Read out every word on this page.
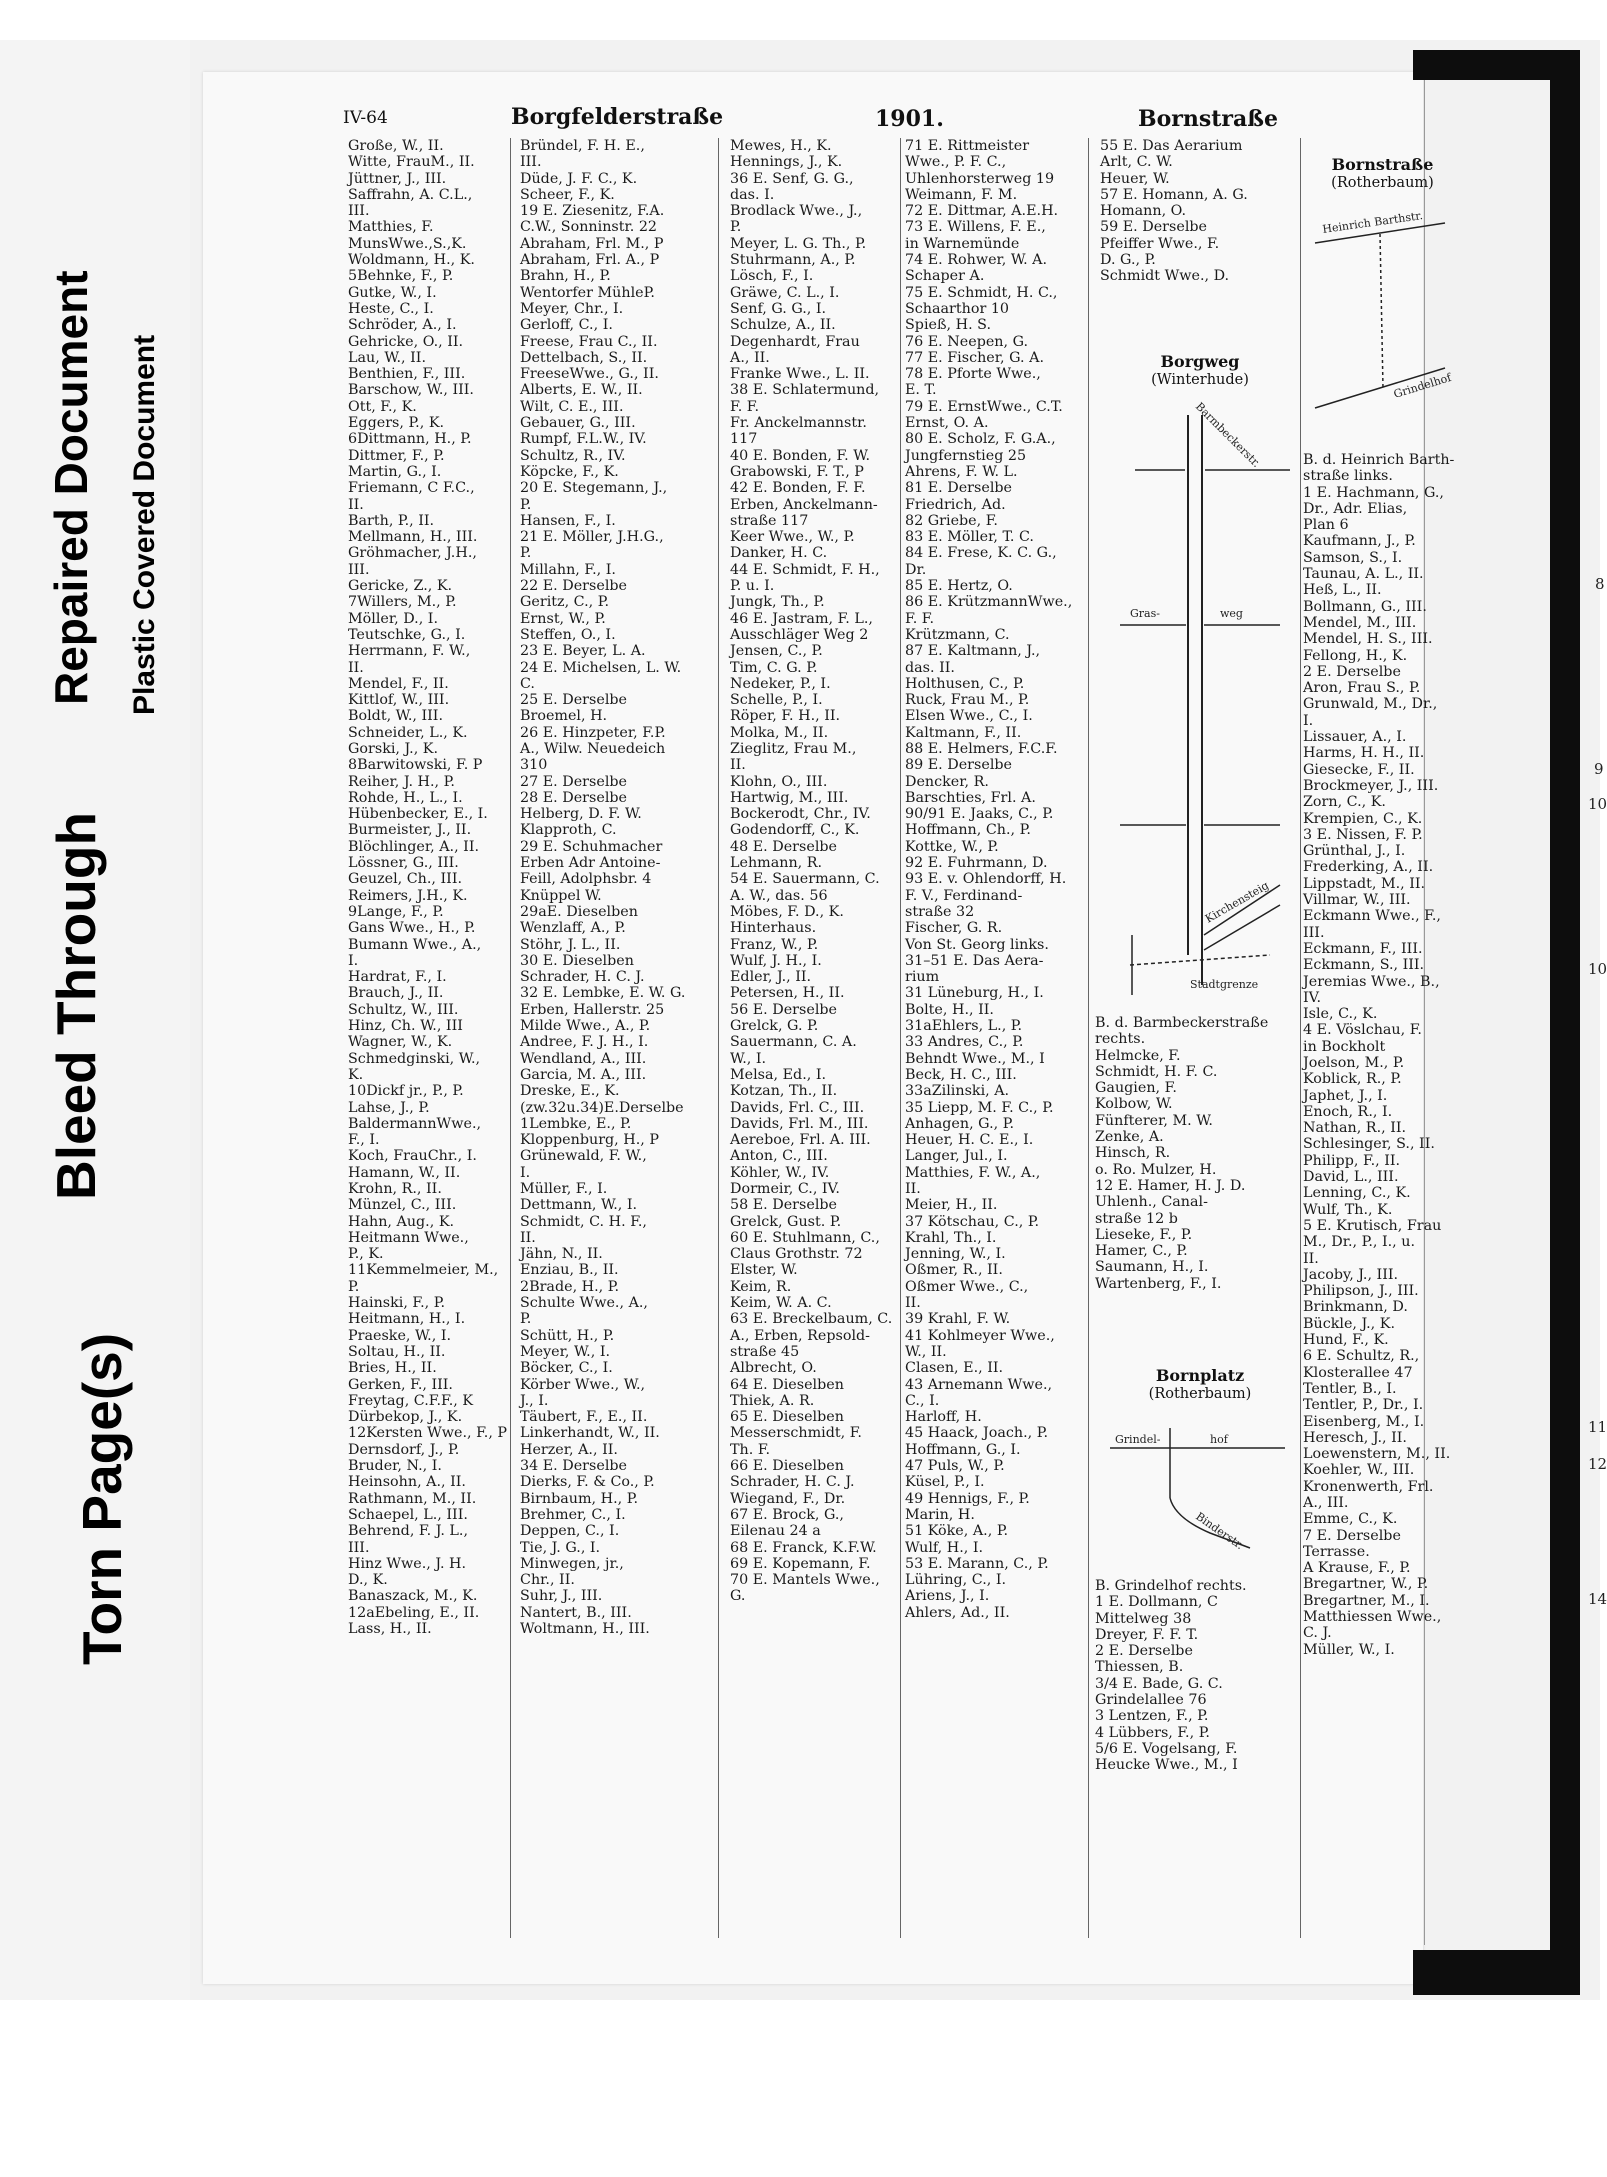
Bleed Through
Repaired Document Plastic Covered Document
Torn Page(s)
8
9
10
10
11
12
14
IV-64	Borgfelderstraße	1901.	Bornstraße
Große, W., II.
Witte, FrauM., II.
Jüttner, J., III.
Saffrahn, A. C.L.,
III.
Matthies, F.
MunsWwe.,S.,K.
Woldmann, H., K.
5Behnke, F., P.
Gutke, W., I.
Heste, C., I.
Schröder, A., I.
Gehricke, O., II.
Lau, W., II.
Benthien, F., III.
Barschow, W., III.
Ott, F., K.
Eggers, P., K.
6Dittmann, H., P.
Dittmer, F., P.
Martin, G., I.
Friemann, C F.C.,
II.
Barth, P., II.
Mellmann, H., III.
Gröhmacher, J.H.,
III.
Gericke, Z., K.
7Willers, M., P.
Möller, D., I.
Teutschke, G., I.
Herrmann, F. W.,
II.
Mendel, F., II.
Kittlof, W., III.
Boldt, W., III.
Schneider, L., K.
Gorski, J., K.
8Barwitowski, F. P
Reiher, J. H., P.
Rohde, H., L., I.
Hübenbecker, E., I.
Burmeister, J., II.
Blöchlinger, A., II.
Lössner, G., III.
Geuzel, Ch., III.
Reimers, J.H., K.
9Lange, F., P.
Gans Wwe., H., P.
Bumann Wwe., A.,
I.
Hardrat, F., I.
Brauch, J., II.
Schultz, W., III.
Hinz, Ch. W., III
Wagner, W., K.
Schmedginski, W.,
K.
10Dickf jr., P., P.
Lahse, J., P.
BaldermannWwe.,
F., I.
Koch, FrauChr., I.
Hamann, W., II.
Krohn, R., II.
Münzel, C., III.
Hahn, Aug., K.
Heitmann Wwe.,
P., K.
11Kemmelmeier, M.,
P.
Hainski, F., P.
Heitmann, H., I.
Praeske, W., I.
Soltau, H., II.
Bries, H., II.
Gerken, F., III.
Freytag, C.F.F., K
Dürbekop, J., K.
12Kersten Wwe., F., P
Dernsdorf, J., P.
Bruder, N., I.
Heinsohn, A., II.
Rathmann, M., II.
Schaepel, L., III.
Behrend, F. J. L.,
III.
Hinz Wwe., J. H.
D., K.
Banaszack, M., K.
12aEbeling, E., II.
Lass, H., II.
Bründel, F. H. E.,
III.
Düde, J. F. C., K.
Scheer, F., K.
19 E. Ziesenitz, F.A.
C.W., Sonninstr. 22
Abraham, Frl. M., P
Abraham, Frl. A., P
Brahn, H., P.
Wentorfer MühleP.
Meyer, Chr., I.
Gerloff, C., I.
Freese, Frau C., II.
Dettelbach, S., II.
FreeseWwe., G., II.
Alberts, E. W., II.
Wilt, C. E., III.
Gebauer, G., III.
Rumpf, F.L.W., IV.
Schultz, R., IV.
Köpcke, F., K.
20 E. Stegemann, J.,
P.
Hansen, F., I.
21 E. Möller, J.H.G.,
P.
Millahn, F., I.
22 E. Derselbe
Geritz, C., P.
Ernst, W., P.
Steffen, O., I.
23 E. Beyer, L. A.
24 E. Michelsen, L. W.
C.
25 E. Derselbe
Broemel, H.
26 E. Hinzpeter, F.P.
A., Wilw. Neuedeich
310
27 E. Derselbe
28 E. Derselbe
Helberg, D. F. W.
Klapproth, C.
29 E. Schuhmacher
Erben Adr Antoine-
Feill, Adolphsbr. 4
Knüppel W.
29aE. Dieselben
Wenzlaff, A., P.
Stöhr, J. L., II.
30 E. Dieselben
Schrader, H. C. J.
32 E. Lembke, E. W. G.
Erben, Hallerstr. 25
Milde Wwe., A., P.
Andree, F. J. H., I.
Wendland, A., III.
Garcia, M. A., III.
Dreske, E., K.
(zw.32u.34)E.Derselbe
1Lembke, E., P.
Kloppenburg, H., P
Grünewald, F. W.,
I.
Müller, F., I.
Dettmann, W., I.
Schmidt, C. H. F.,
II.
Jähn, N., II.
Enziau, B., II.
2Brade, H., P.
Schulte Wwe., A.,
P.
Schütt, H., P.
Meyer, W., I.
Böcker, C., I.
Körber Wwe., W.,
J., I.
Täubert, F., E., II.
Linkerhandt, W., II.
Herzer, A., II.
34 E. Derselbe
Dierks, F. & Co., P.
Birnbaum, H., P.
Brehmer, C., I.
Deppen, C., I.
Tie, J. G., I.
Minwegen, jr.,
Chr., II.
Suhr, J., III.
Nantert, B., III.
Woltmann, H., III.
Mewes, H., K.
Hennings, J., K.
36 E. Senf, G. G.,
das. I.
Brodlack Wwe., J.,
P.
Meyer, L. G. Th., P.
Stuhrmann, A., P.
Lösch, F., I.
Gräwe, C. L., I.
Senf, G. G., I.
Schulze, A., II.
Degenhardt, Frau
A., II.
Franke Wwe., L. II.
38 E. Schlatermund,
F. F.
Fr. Anckelmannstr.
117
40 E. Bonden, F. W.
Grabowski, F. T., P
42 E. Bonden, F. F.
Erben, Anckelmann-
straße 117
Keer Wwe., W., P.
Danker, H. C.
44 E. Schmidt, F. H.,
P. u. I.
Jungk, Th., P.
46 E. Jastram, F. L.,
Ausschläger Weg 2
Jensen, C., P.
Tim, C. G. P.
Nedeker, P., I.
Schelle, P., I.
Röper, F. H., II.
Molka, M., II.
Zieglitz, Frau M.,
II.
Klohn, O., III.
Hartwig, M., III.
Bockerodt, Chr., IV.
Godendorff, C., K.
48 E. Derselbe
Lehmann, R.
54 E. Sauermann, C.
A. W., das. 56
Möbes, F. D., K.
Hinterhaus.
Franz, W., P.
Wulf, J. H., I.
Edler, J., II.
Petersen, H., II.
56 E. Derselbe
Grelck, G. P.
Sauermann, C. A.
W., I.
Melsa, Ed., I.
Kotzan, Th., II.
Davids, Frl. C., III.
Davids, Frl. M., III.
Aereboe, Frl. A. III.
Anton, C., III.
Köhler, W., IV.
Dormeir, C., IV.
58 E. Derselbe
Grelck, Gust. P.
60 E. Stuhlmann, C.,
Claus Grothstr. 72
Elster, W.
Keim, R.
Keim, W. A. C.
63 E. Breckelbaum, C.
A., Erben, Repsold-
straße 45
Albrecht, O.
64 E. Dieselben
Thiek, A. R.
65 E. Dieselben
Messerschmidt, F.
Th. F.
66 E. Dieselben
Schrader, H. C. J.
Wiegand, F., Dr.
67 E. Brock, G.,
Eilenau 24 a
68 E. Franck, K.F.W.
69 E. Kopemann, F.
70 E. Mantels Wwe.,
G.
71 E. Rittmeister
Wwe., P. F. C.,
Uhlenhorsterweg 19
Weimann, F. M.
72 E. Dittmar, A.E.H.
73 E. Willens, F. E.,
in Warnemünde
74 E. Rohwer, W. A.
Schaper A.
75 E. Schmidt, H. C.,
Schaarthor 10
Spieß, H. S.
76 E. Neepen, G.
77 E. Fischer, G. A.
78 E. Pforte Wwe.,
E. T.
79 E. ErnstWwe., C.T.
Ernst, O. A.
80 E. Scholz, F. G.A.,
Jungfernstieg 25
Ahrens, F. W. L.
81 E. Derselbe
Friedrich, Ad.
82 Griebe, F.
83 E. Möller, T. C.
84 E. Frese, K. C. G.,
Dr.
85 E. Hertz, O.
86 E. KrützmannWwe.,
F. F.
Krützmann, C.
87 E. Kaltmann, J.,
das. II.
Holthusen, C., P.
Ruck, Frau M., P.
Elsen Wwe., C., I.
Kaltmann, F., II.
88 E. Helmers, F.C.F.
89 E. Derselbe
Dencker, R.
Barschties, Frl. A.
90/91 E. Jaaks, C., P.
Hoffmann, Ch., P.
Kottke, W., P.
92 E. Fuhrmann, D.
93 E. v. Ohlendorff, H.
F. V., Ferdinand-
straße 32
Fischer, G. R.
Von St. Georg links.
31–51 E. Das Aera-
rium
31 Lüneburg, H., I.
Bolte, H., II.
31aEhlers, L., P.
33 Andres, C., P.
Behndt Wwe., M., I
Beck, H. C., III.
33aZilinski, A.
35 Liepp, M. F. C., P.
Anhagen, G., P.
Heuer, H. C. E., I.
Langer, Jul., I.
Matthies, F. W., A.,
II.
Meier, H., II.
37 Kötschau, C., P.
Krahl, Th., I.
Jenning, W., I.
Oßmer, R., II.
Oßmer Wwe., C.,
II.
39 Krahl, F. W.
41 Kohlmeyer Wwe.,
W., II.
Clasen, E., II.
43 Arnemann Wwe.,
C., I.
Harloff, H.
45 Haack, Joach., P.
Hoffmann, G., I.
47 Puls, W., P.
Küsel, P., I.
49 Hennigs, F., P.
Marin, H.
51 Köke, A., P.
Wulf, H., I.
53 E. Marann, C., P.
Lühring, C., I.
Ariens, J., I.
Ahlers, Ad., II.
55 E. Das Aerarium
Arlt, C. W.
Heuer, W.
57 E. Homann, A. G.
Homann, O.
59 E. Derselbe
Pfeiffer Wwe., F.
D. G., P.
Schmidt Wwe., D.
Borgweg
(Winterhude)
Barmbeckerstr.
Gras-	weg
Kirchensteig
Stadtgrenze
B. d. Barmbeckerstraße
rechts.
Helmcke, F.
Schmidt, H. F. C.
Gaugien, F.
Kolbow, W.
Fünfterer, M. W.
Zenke, A.
Hinsch, R.
o. Ro. Mulzer, H.
12 E. Hamer, H. J. D.
Uhlenh., Canal-
straße 12 b
Lieseke, F., P.
Hamer, C., P.
Saumann, H., I.
Wartenberg, F., I.
Bornplatz
(Rotherbaum)
Grindel-	hof
Binderstr.
B. Grindelhof rechts.
1 E. Dollmann, C
Mittelweg 38
Dreyer, F. F. T.
2 E. Derselbe
Thiessen, B.
3/4 E. Bade, G. C.
Grindelallee 76
3 Lentzen, F., P.
4 Lübbers, F., P.
5/6 E. Vogelsang, F.
Heucke Wwe., M., I
Bornstraße
(Rotherbaum)
Heinrich Barthstr.
Grindelhof
B. d. Heinrich Barth-
straße links.
1 E. Hachmann, G.,
Dr., Adr. Elias,
Plan 6
Kaufmann, J., P.
Samson, S., I.
Taunau, A. L., II.
Heß, L., II.
Bollmann, G., III.
Mendel, M., III.
Mendel, H. S., III.
Fellong, H., K.
2 E. Derselbe
Aron, Frau S., P.
Grunwald, M., Dr.,
I.
Lissauer, A., I.
Harms, H. H., II.
Giesecke, F., II.
Brockmeyer, J., III.
Zorn, C., K.
Krempien, C., K.
3 E. Nissen, F. P.
Grünthal, J., I.
Frederking, A., II.
Lippstadt, M., II.
Villmar, W., III.
Eckmann Wwe., F.,
III.
Eckmann, F., III.
Eckmann, S., III.
Jeremias Wwe., B.,
IV.
Isle, C., K.
4 E. Vöslchau, F.
in Bockholt
Joelson, M., P.
Koblick, R., P.
Japhet, J., I.
Enoch, R., I.
Nathan, R., II.
Schlesinger, S., II.
Philipp, F., II.
David, L., III.
Lenning, C., K.
Wulf, Th., K.
5 E. Krutisch, Frau
M., Dr., P., I., u.
II.
Jacoby, J., III.
Philipson, J., III.
Brinkmann, D.
Bückle, J., K.
Hund, F., K.
6 E. Schultz, R.,
Klosterallee 47
Tentler, B., I.
Tentler, P., Dr., I.
Eisenberg, M., I.
Heresch, J., II.
Loewenstern, M., II.
Koehler, W., III.
Kronenwerth, Frl.
A., III.
Emme, C., K.
7 E. Derselbe
Terrasse.
A Krause, F., P.
Bregartner, W., P.
Bregartner, M., I.
Matthiessen Wwe.,
C. J.
Müller, W., I.
